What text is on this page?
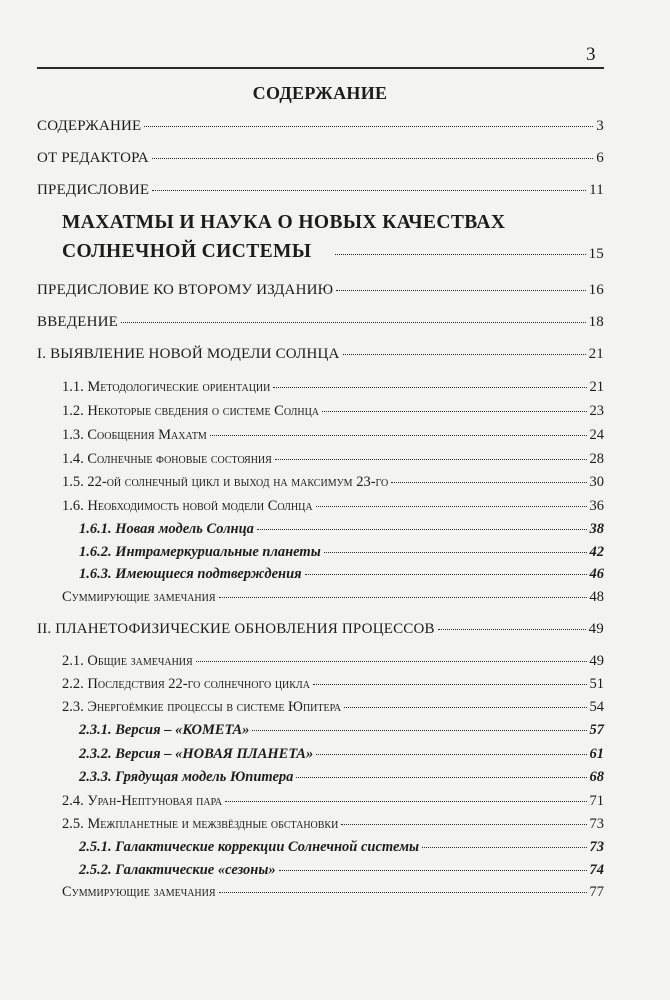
3
СОДЕРЖАНИЕ
СОДЕРЖАНИЕ	3
ОТ РЕДАКТОРА	6
ПРЕДИСЛОВИЕ	11
МАХАТМЫ И НАУКА О НОВЫХ КАЧЕСТВАХ
СОЛНЕЧНОЙ СИСТЕМЫ	15
ПРЕДИСЛОВИЕ КО ВТОРОМУ ИЗДАНИЮ	16
ВВЕДЕНИЕ	18
I. ВЫЯВЛЕНИЕ НОВОЙ МОДЕЛИ СОЛНЦА	21
1.1. Методологические ориентации	21
1.2. Некоторые сведения о системе Солнца	23
1.3. Сообщения Махатм	24
1.4. Солнечные фоновые состояния	28
1.5. 22-ой солнечный цикл и выход на максимум 23-го	30
1.6. Необходимость новой модели Солнца	36
1.6.1. Новая модель Солнца	38
1.6.2. Интрамеркуриальные планеты	42
1.6.3. Имеющиеся подтверждения	46
Суммирующие замечания	48
II. ПЛАНЕТОФИЗИЧЕСКИЕ ОБНОВЛЕНИЯ ПРОЦЕССОВ	49
2.1. Общие замечания	49
2.2. Последствия 22-го солнечного цикла	51
2.3. Энергоёмкие процессы в системе Юпитера	54
2.3.1. Версия – «КОМЕТА»	57
2.3.2. Версия – «НОВАЯ ПЛАНЕТА»	61
2.3.3. Грядущая модель Юпитера	68
2.4. Уран-Нептуновая пара	71
2.5. Межпланетные и межзвёздные обстановки	73
2.5.1. Галактические коррекции Солнечной системы	73
2.5.2. Галактические «сезоны»	74
Суммирующие замечания	77
